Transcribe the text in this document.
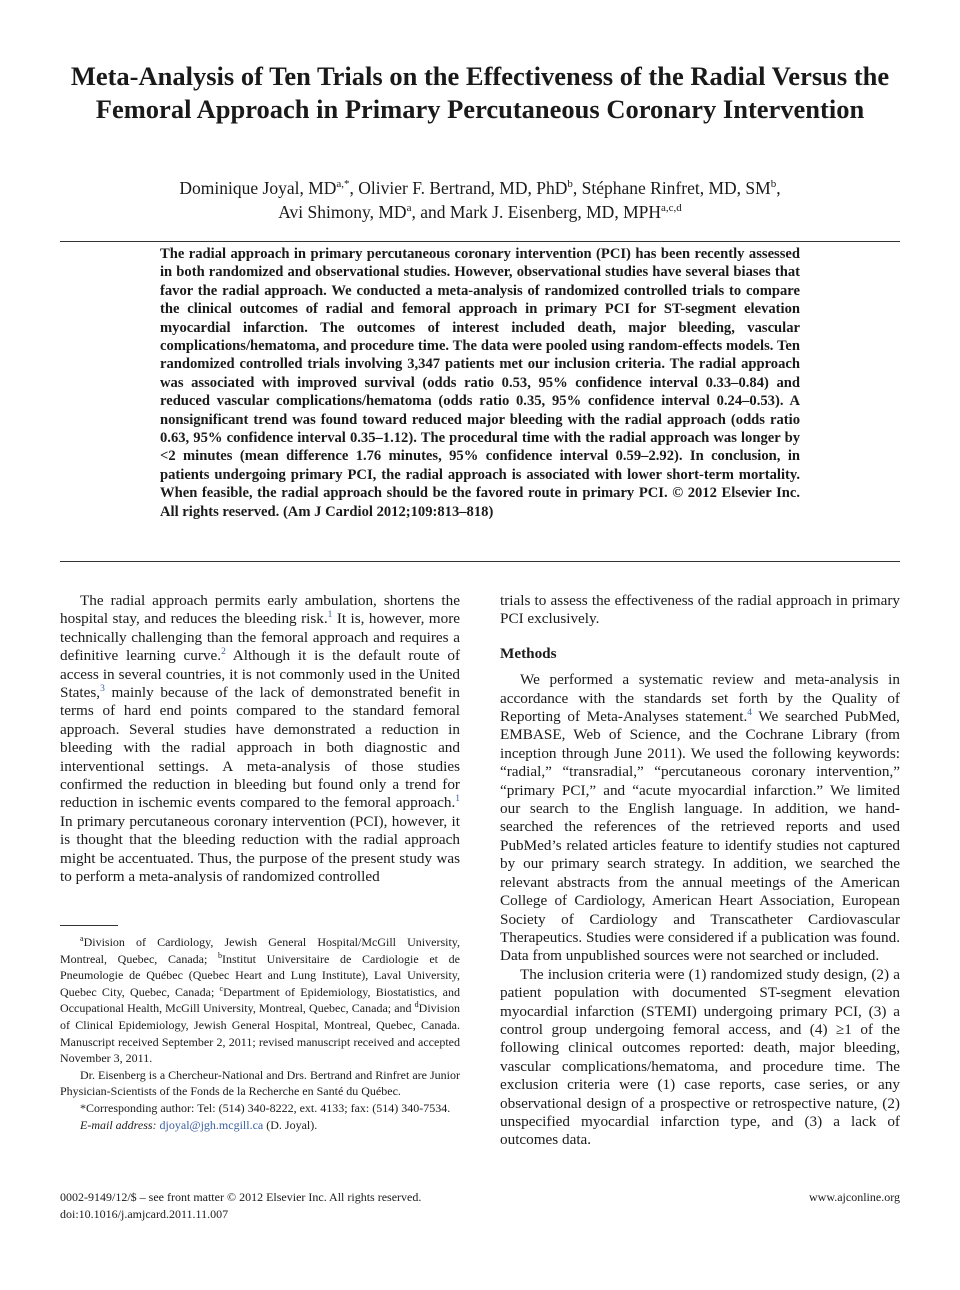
Meta-Analysis of Ten Trials on the Effectiveness of the Radial Versus the Femoral Approach in Primary Percutaneous Coronary Intervention
Dominique Joyal, $MD^{a,*}$, Olivier F. Bertrand, MD, PhD$^b$, Stéphane Rinfret, MD, $SM^b$,
Avi Shimony, $MD^a$, and Mark J. Eisenberg, MD, MPH$^{a,c,d}$
The radial approach in primary percutaneous coronary intervention (PCI) has been recently assessed in both randomized and observational studies. However, observational studies have several biases that favor the radial approach. We conducted a meta-analysis of randomized controlled trials to compare the clinical outcomes of radial and femoral approach in primary PCI for ST-segment elevation myocardial infarction. The outcomes of interest included death, major bleeding, vascular complications/hematoma, and procedure time. The data were pooled using random-effects models. Ten randomized controlled trials involving 3,347 patients met our inclusion criteria. The radial approach was associated with improved survival (odds ratio 0.53, 95% confidence interval 0.33–0.84) and reduced vascular complications/hematoma (odds ratio 0.35, 95% confidence interval 0.24–0.53). A nonsignificant trend was found toward reduced major bleeding with the radial approach (odds ratio 0.63, 95% confidence interval 0.35–1.12). The procedural time with the radial approach was longer by <2 minutes (mean difference 1.76 minutes, 95% confidence interval 0.59–2.92). In conclusion, in patients undergoing primary PCI, the radial approach is associated with lower short-term mortality. When feasible, the radial approach should be the favored route in primary PCI. © 2012 Elsevier Inc. All rights reserved. (Am J Cardiol 2012;109:813–818)

The radial approach permits early ambulation, shortens the hospital stay, and reduces the bleeding risk.$^1$ It is, however, more technically challenging than the femoral approach and requires a definitive learning curve.$^2$ Although it is the default route of access in several countries, it is not commonly used in the United States,$^3$ mainly because of the lack of demonstrated benefit in terms of hard end points compared to the standard femoral approach. Several studies have demonstrated a reduction in bleeding with the radial approach in both diagnostic and interventional settings. A meta-analysis of those studies confirmed the reduction in bleeding but found only a trend for reduction in ischemic events compared to the femoral approach.$^1$ In primary percutaneous coronary intervention (PCI), however, it is thought that the bleeding reduction with the radial approach might be accentuated. Thus, the purpose of the present study was to perform a meta-analysis of randomized controlled

$^a$Division of Cardiology, Jewish General Hospital/McGill University, Montreal, Quebec, Canada; $^b$Institut Universitaire de Cardiologie et de Pneumologie de Québec (Quebec Heart and Lung Institute), Laval University, Quebec City, Quebec, Canada; $^c$Department of Epidemiology, Biostatistics, and Occupational Health, McGill University, Montreal, Quebec, Canada; and $^d$Division of Clinical Epidemiology, Jewish General Hospital, Montreal, Quebec, Canada. Manuscript received September 2, 2011; revised manuscript received and accepted November 3, 2011.

Dr. Eisenberg is a Chercheur-National and Drs. Bertrand and Rinfret are Junior Physician-Scientists of the Fonds de la Recherche en Santé du Québec.

*Corresponding author: Tel: (514) 340-8222, ext. 4133; fax: (514) 340-7534.

E-mail address: djoyal@jgh.mcgill.ca (D. Joyal).

trials to assess the effectiveness of the radial approach in primary PCI exclusively.

Methods

We performed a systematic review and meta-analysis in accordance with the standards set forth by the Quality of Reporting of Meta-Analyses statement.$^4$ We searched PubMed, EMBASE, Web of Science, and the Cochrane Library (from inception through June 2011). We used the following keywords: “radial,” “transradial,” “percutaneous coronary intervention,” “primary PCI,” and “acute myocardial infarction.” We limited our search to the English language. In addition, we hand-searched the references of the retrieved reports and used PubMed’s related articles feature to identify studies not captured by our primary search strategy. In addition, we searched the relevant abstracts from the annual meetings of the American College of Cardiology, American Heart Association, European Society of Cardiology and Transcatheter Cardiovascular Therapeutics. Studies were considered if a publication was found. Data from unpublished sources were not searched or included.

The inclusion criteria were (1) randomized study design, (2) a patient population with documented ST-segment elevation myocardial infarction (STEMI) undergoing primary PCI, (3) a control group undergoing femoral access, and (4) ≥1 of the following clinical outcomes reported: death, major bleeding, vascular complications/hematoma, and procedure time. The exclusion criteria were (1) case reports, case series, or any observational design of a prospective or retrospective nature, (2) unspecified myocardial infarction type, and (3) a lack of outcomes data.

0002-9149/12/$ – see front matter © 2012 Elsevier Inc. All rights reserved.
doi:10.1016/j.amjcard.2011.11.007
www.ajconline.org
